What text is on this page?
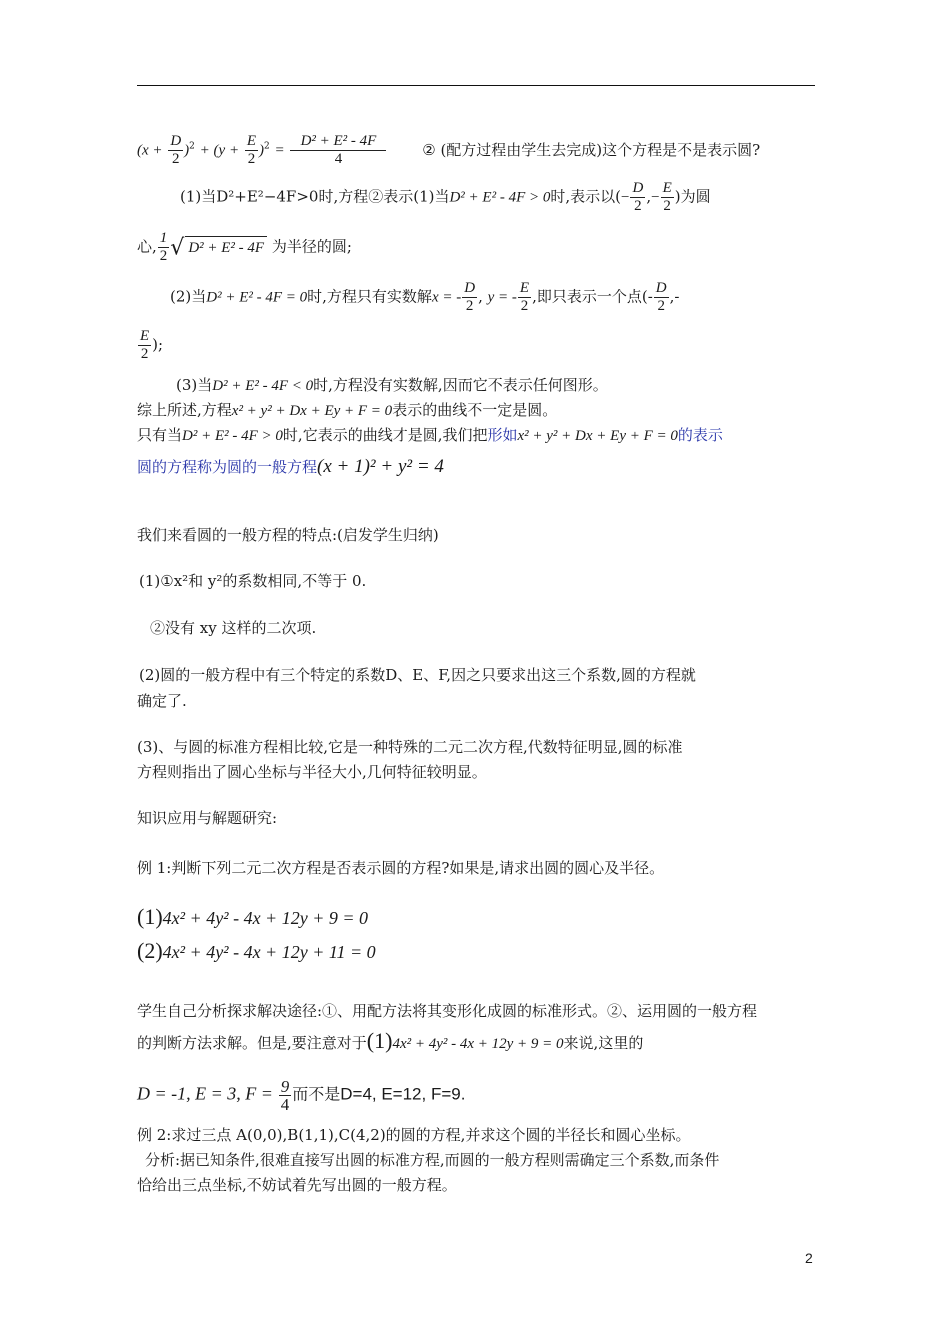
$(x + \frac{D}{2} )^2 + (y + \frac{E}{2} )^2 = \frac{\text{D² + E² - 4F}}{4}$ ② (配方过程由学生去完成)这个方程是不是表示圆?
(1)当D²+E²−4F>0时,方程②表示(1)当D² + E² - 4F > 0时,表示以(− $\frac{D}{2}$ ,− $\frac{E}{2}$ )为圆
心, $\frac{1}{2}$ √ D² + E² - 4F 为半径的圆;
(2)当D² + E² - 4F = 0时,方程只有实数解x = - $\frac{D}{2}$ , y = - $\frac{E}{2}$ ,即只表示一个点(- $\frac{D}{2}$ ,-
$\frac{E}{2}$ );
(3)当D² + E² - 4F < 0时,方程没有实数解,因而它不表示任何图形。
综上所述,方程x² + y² + Dx + Ey + F = 0表示的曲线不一定是圆。
只有当D² + E² - 4F > 0时,它表示的曲线才是圆,我们把形如x² + y² + Dx + Ey + F = 0的表示
圆的方程称为圆的一般方程(x + 1)² + y² = 4
我们来看圆的一般方程的特点:(启发学生归纳)
(1)①x²和 y²的系数相同,不等于 0.
②没有 xy 这样的二次项.
(2)圆的一般方程中有三个特定的系数D、E、F,因之只要求出这三个系数,圆的方程就
确定了.
(3)、与圆的标准方程相比较,它是一种特殊的二元二次方程,代数特征明显,圆的标准
方程则指出了圆心坐标与半径大小,几何特征较明显。
知识应用与解题研究:
例 1:判断下列二元二次方程是否表示圆的方程?如果是,请求出圆的圆心及半径。
(1)4x² + 4y² - 4x + 12y + 9 = 0
(2)4x² + 4y² - 4x + 12y + 11 = 0
学生自己分析探求解决途径:①、用配方法将其变形化成圆的标准形式。②、运用圆的一般方程
的判断方法求解。但是,要注意对于(1)4x² + 4y² - 4x + 12y + 9 = 0来说,这里的
D = -1, E = 3, $F = \frac{9}{4}$ 而不是D=4, E=12, F=9.
例 2:求过三点 A(0,0),B(1,1),C(4,2)的圆的方程,并求这个圆的半径长和圆心坐标。
分析:据已知条件,很难直接写出圆的标准方程,而圆的一般方程则需确定三个系数,而条件
恰给出三点坐标,不妨试着先写出圆的一般方程。
2
